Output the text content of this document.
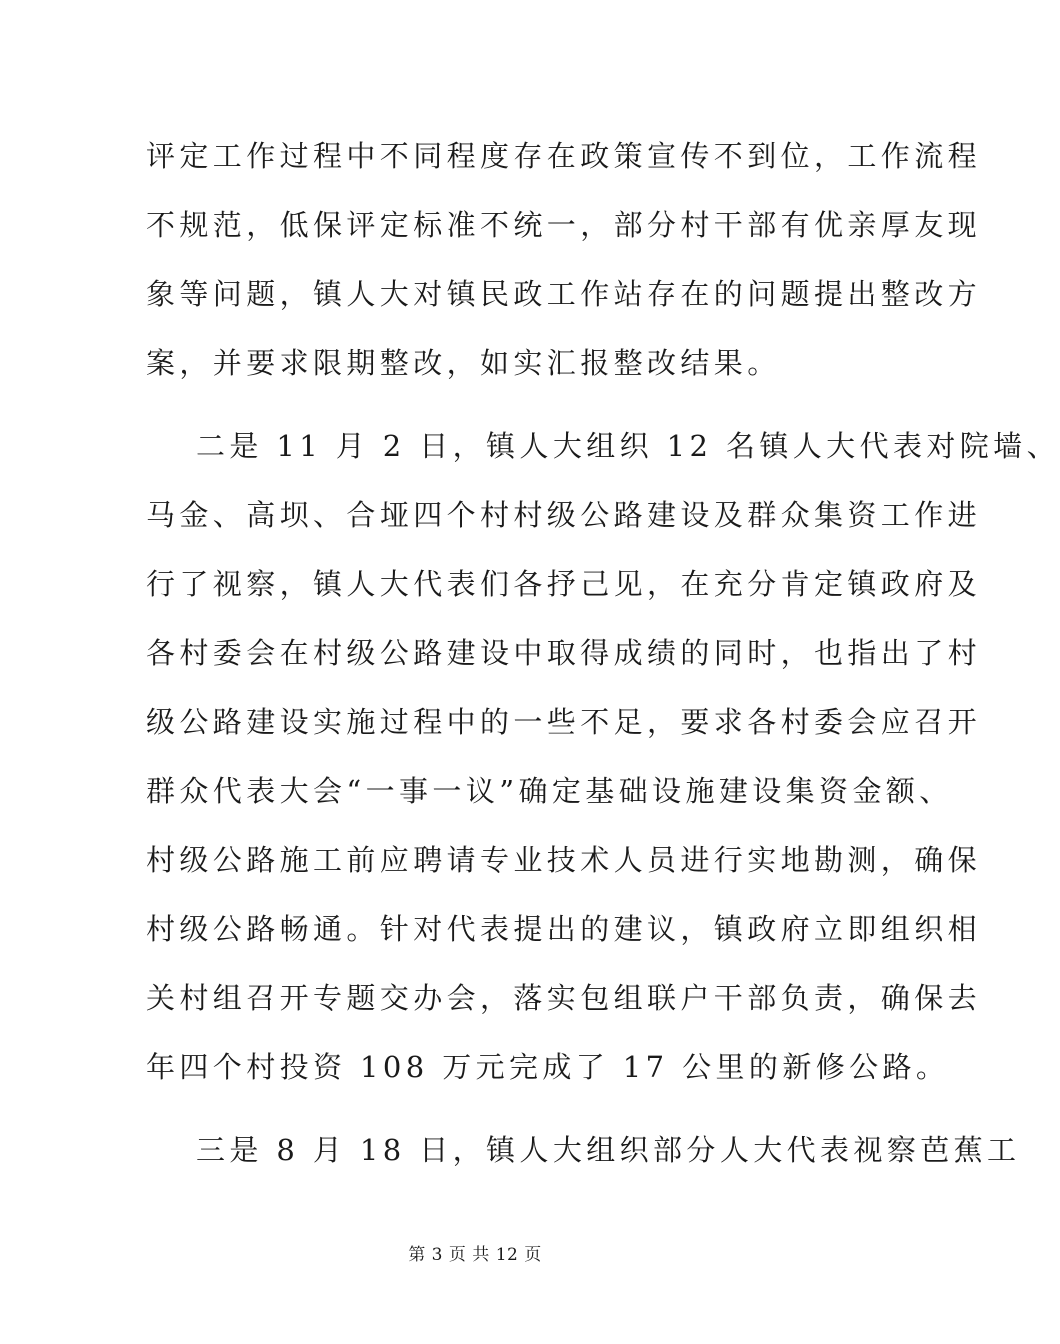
评定工作过程中不同程度存在政策宣传不到位，工作流程
不规范，低保评定标准不统一，部分村干部有优亲厚友现
象等问题，镇人大对镇民政工作站存在的问题提出整改方
案，并要求限期整改，如实汇报整改结果。
二是 11 月 2 日，镇人大组织 12 名镇人大代表对院墙、
马金、高坝、合垭四个村村级公路建设及群众集资工作进
行了视察，镇人大代表们各抒己见，在充分肯定镇政府及
各村委会在村级公路建设中取得成绩的同时，也指出了村
级公路建设实施过程中的一些不足，要求各村委会应召开
群众代表大会“一事一议”确定基础设施建设集资金额、
村级公路施工前应聘请专业技术人员进行实地勘测，确保
村级公路畅通。针对代表提出的建议，镇政府立即组织相
关村组召开专题交办会，落实包组联户干部负责，确保去
年四个村投资 108 万元完成了 17 公里的新修公路。
三是 8 月 18 日，镇人大组织部分人大代表视察芭蕉工
第 3 页 共 12 页
